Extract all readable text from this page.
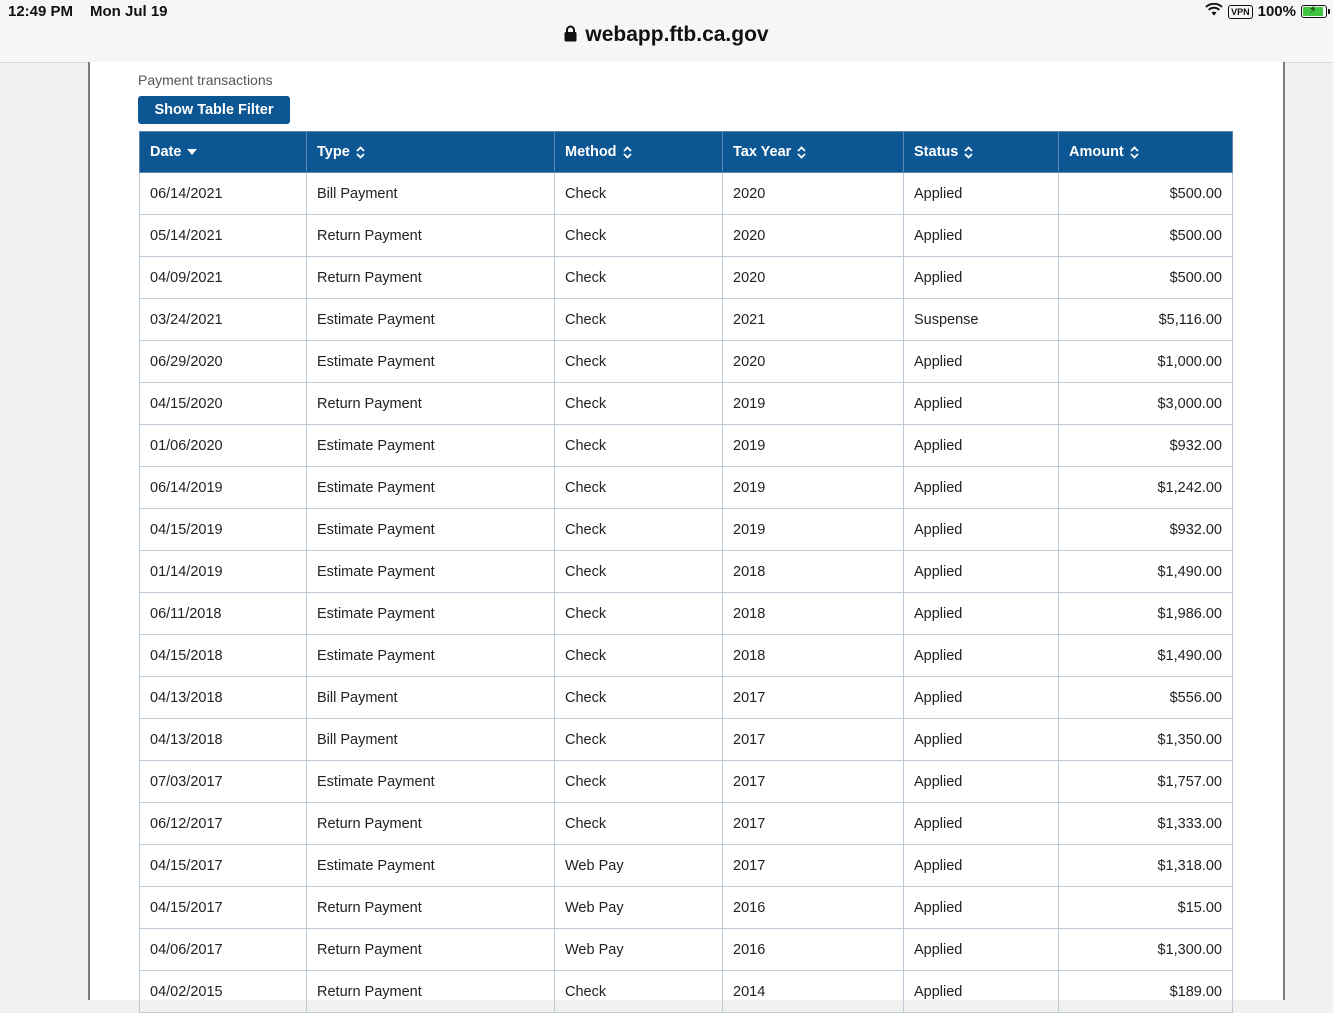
12:49 PM Mon Jul 19	VPN 100% ⚡
webapp.ftb.ca.gov
Payment transactions
Show Table Filter
Date	Type	Method	Tax Year	Status	Amount

06/14/2021	Bill Payment	Check	2020	Applied	$500.00
05/14/2021	Return Payment	Check	2020	Applied	$500.00
04/09/2021	Return Payment	Check	2020	Applied	$500.00
03/24/2021	Estimate Payment	Check	2021	Suspense	$5,116.00
06/29/2020	Estimate Payment	Check	2020	Applied	$1,000.00
04/15/2020	Return Payment	Check	2019	Applied	$3,000.00
01/06/2020	Estimate Payment	Check	2019	Applied	$932.00
06/14/2019	Estimate Payment	Check	2019	Applied	$1,242.00
04/15/2019	Estimate Payment	Check	2019	Applied	$932.00
01/14/2019	Estimate Payment	Check	2018	Applied	$1,490.00
06/11/2018	Estimate Payment	Check	2018	Applied	$1,986.00
04/15/2018	Estimate Payment	Check	2018	Applied	$1,490.00
04/13/2018	Bill Payment	Check	2017	Applied	$556.00
04/13/2018	Bill Payment	Check	2017	Applied	$1,350.00
07/03/2017	Estimate Payment	Check	2017	Applied	$1,757.00
06/12/2017	Return Payment	Check	2017	Applied	$1,333.00
04/15/2017	Estimate Payment	Web Pay	2017	Applied	$1,318.00
04/15/2017	Return Payment	Web Pay	2016	Applied	$15.00
04/06/2017	Return Payment	Web Pay	2016	Applied	$1,300.00
04/02/2015	Return Payment	Check	2014	Applied	$189.00
